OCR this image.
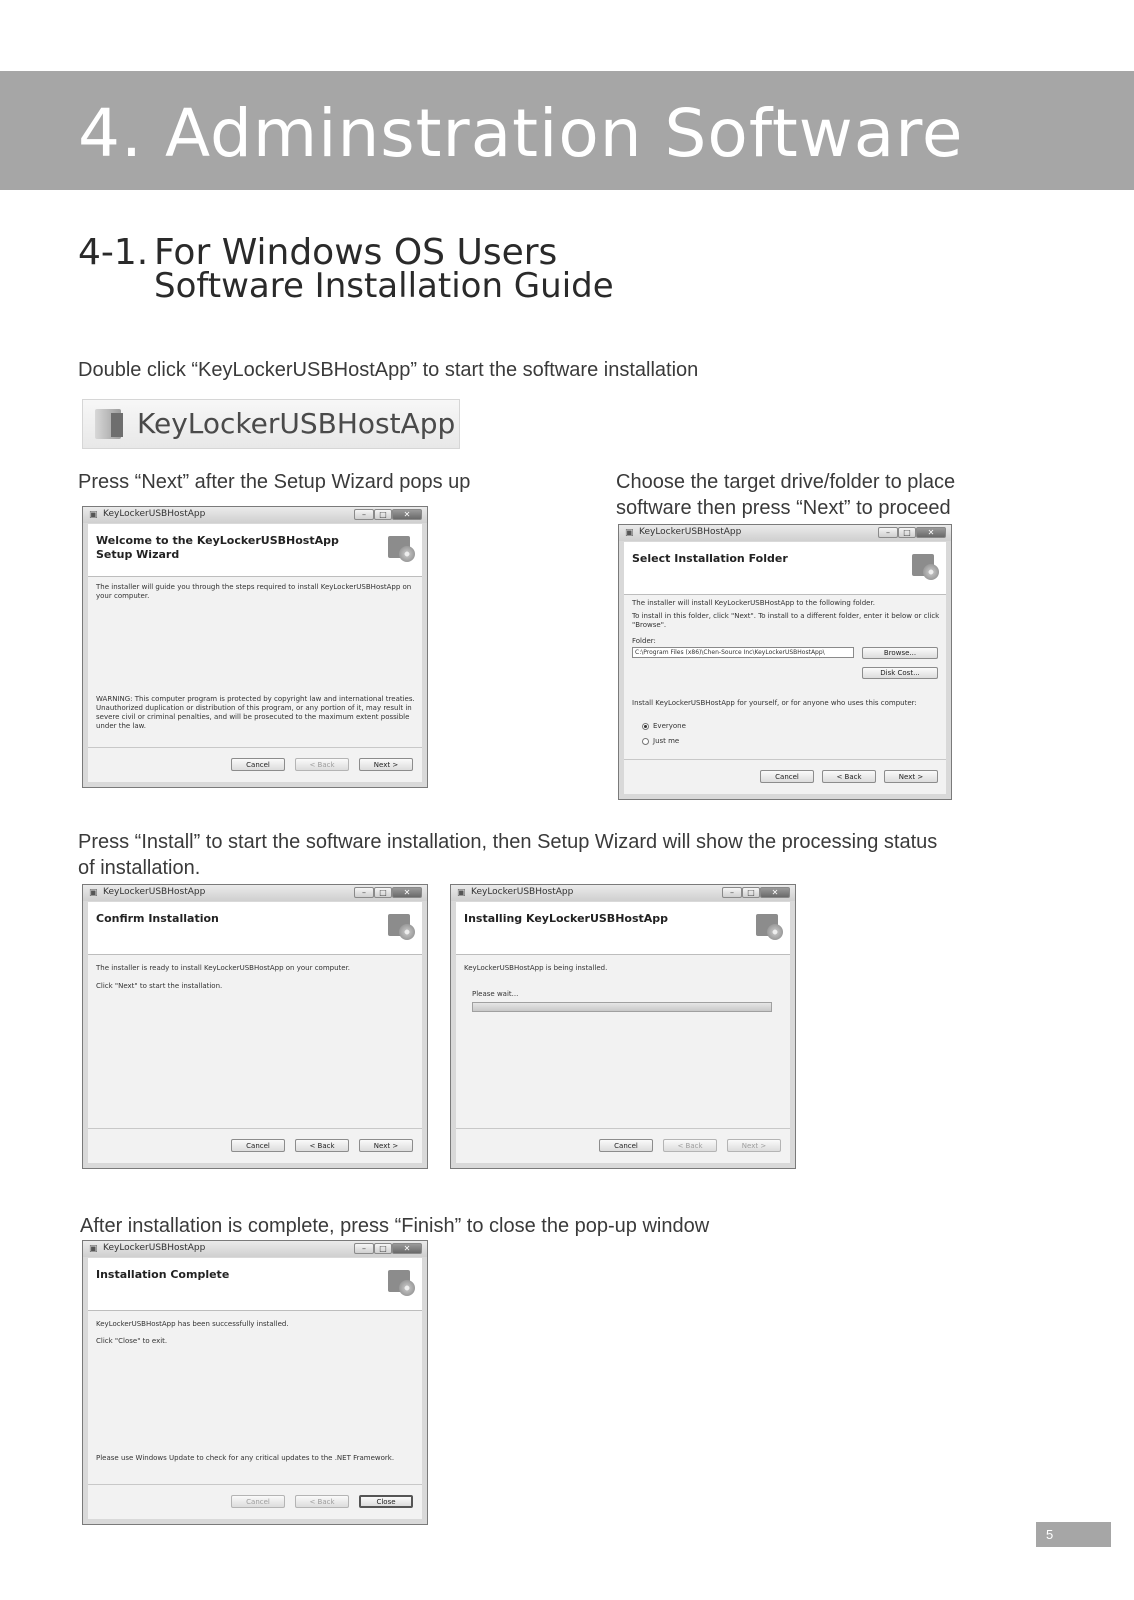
4. Adminstration Software
4-1. For Windows OS Users
Software Installation Guide
Double click “KeyLockerUSBHostApp” to start the software installation
KeyLockerUSBHostApp
Press “Next” after the Setup Wizard pops up	Choose the target drive/folder to place
software then press “Next” to proceed
▣ KeyLockerUSBHostApp	–	□	✕
Welcome to the KeyLockerUSBHostApp Setup Wizard
The installer will guide you through the steps required to install KeyLockerUSBHostApp on your computer.
WARNING: This computer program is protected by copyright law and international treaties. Unauthorized duplication or distribution of this program, or any portion of it, may result in severe civil or criminal penalties, and will be prosecuted to the maximum extent possible under the law.
Cancel	< Back	Next >
▣ KeyLockerUSBHostApp	–	□	✕
Select Installation Folder
The installer will install KeyLockerUSBHostApp to the following folder.
To install in this folder, click "Next". To install to a different folder, enter it below or click "Browse".
Folder:
C:\Program Files (x86)\Chen-Source Inc\KeyLockerUSBHostApp\	Browse...
Disk Cost...
Install KeyLockerUSBHostApp for yourself, or for anyone who uses this computer:
Everyone
Just me
Cancel	< Back	Next >
Press “Install” to start the software installation, then Setup Wizard will show the processing status
of installation.
▣ KeyLockerUSBHostApp	–	□	✕
Confirm Installation
The installer is ready to install KeyLockerUSBHostApp on your computer.
Click "Next" to start the installation.
Cancel	< Back	Next >
▣ KeyLockerUSBHostApp	–	□	✕
Installing KeyLockerUSBHostApp
KeyLockerUSBHostApp is being installed.
Please wait...
Cancel	< Back	Next >
After installation is complete, press “Finish” to close the pop-up window
▣ KeyLockerUSBHostApp	–	□	✕
Installation Complete
KeyLockerUSBHostApp has been successfully installed.
Click "Close" to exit.
Please use Windows Update to check for any critical updates to the .NET Framework.
Cancel	< Back	Close
5
